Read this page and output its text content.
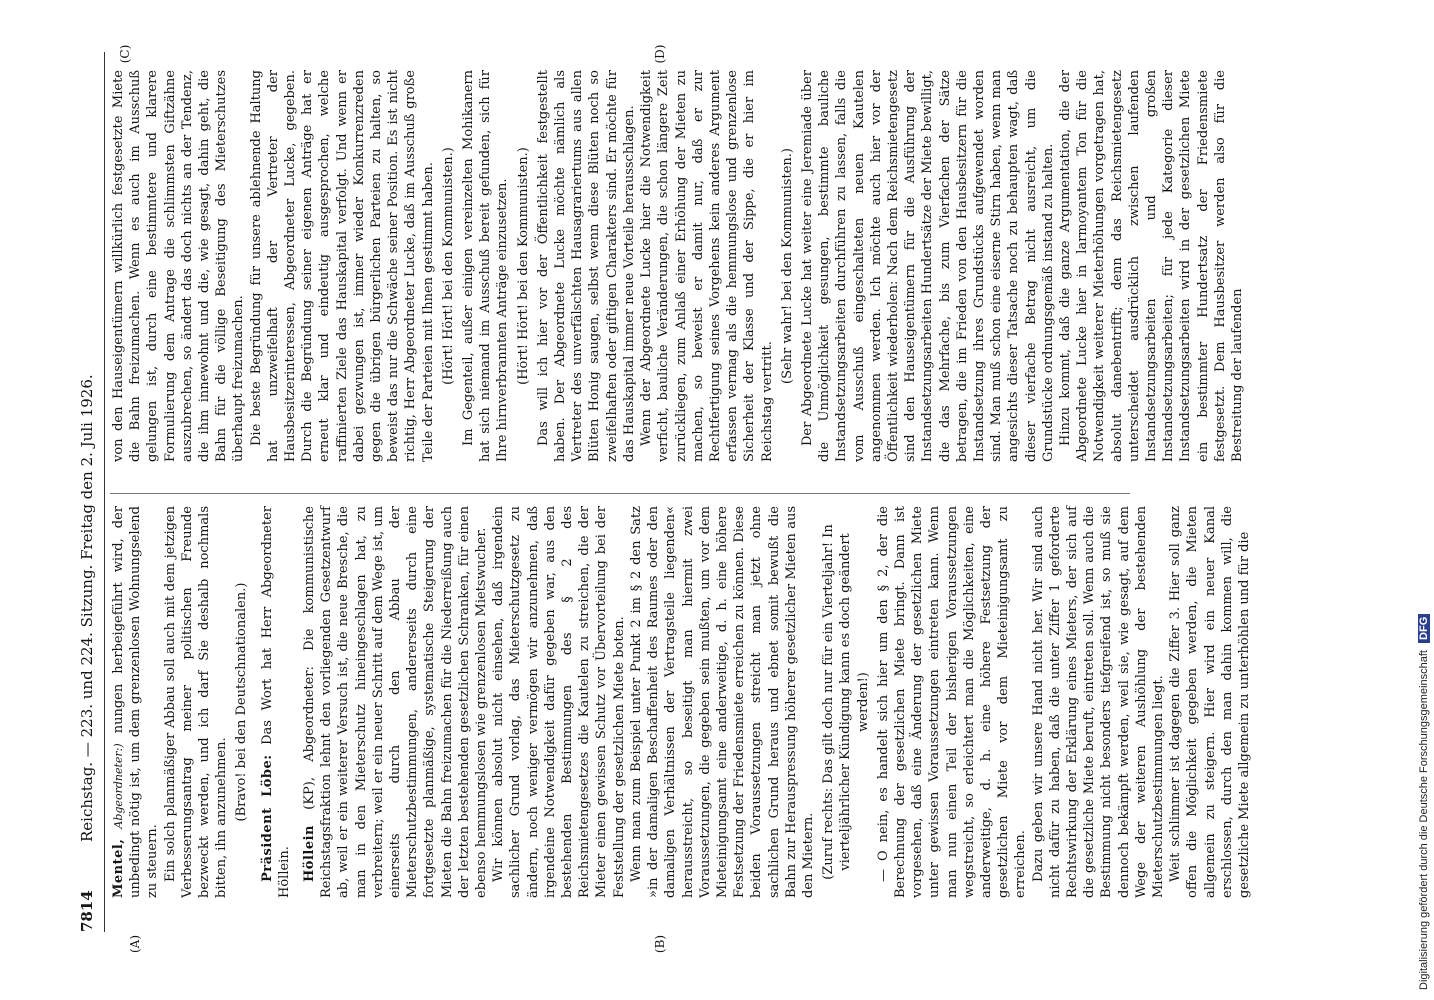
7814
Reichstag. — 223. und 224. Sitzung. Freitag den 2. Juli 1926.
(A)	(B)
(C)	(D)

Mentel, Abgeordneter:) nungen herbeigeführt wird, der unbedingt nötig ist, um dem grenzenlosen Wohnungselend zu steuern. Ein solch planmäßiger Abbau soll auch mit dem jetzigen Verbesserungsantrag meiner politischen Freunde bezweckt werden, und ich darf Sie deshalb nochmals bitten, ihn anzunehmen. (Bravo! bei den Deutschnationalen.) Präsident Löbe: Das Wort hat Herr Abgeordneter Höllein. Höllein (KP), Abgeordneter: Die kommunistische Reichstagsfraktion lehnt den vorliegenden Gesetzentwurf ab, weil er ein weiterer Versuch ist, die neue Bresche, die man in den Mieterschutz hineingeschlagen hat, zu verbreitern; weil er ein neuer Schritt auf dem Wege ist, um einerseits durch den Abbau der Mieterschutzbestimmungen, andererseits durch eine fortgesetzte planmäßige, systematische Steigerung der Mieten die Bahn freizumachen für die Niederreißung auch der letzten bestehenden gesetzlichen Schranken, für einen ebenso hemmungslosen wie grenzenlosen Mietswucher. Wir können absolut nicht einsehen, daß irgendein sachlicher Grund vorlag, das Mieterschutzgesetz zu ändern, noch weniger vermögen wir anzunehmen, daß irgendeine Notwendigkeit dafür gegeben war, aus den bestehenden Bestimmungen des § 2 des Reichsmietengesetzes die Kautelen zu streichen, die der Mieter einen gewissen Schutz vor Übervorteilung bei der Feststellung der gesetzlichen Miete boten. Wenn man zum Beispiel unter Punkt 2 im § 2 den Satz »in der damaligen Beschaffenheit des Raumes oder den damaligen Verhältnissen der Vertragsteile liegenden« herausstreicht, so beseitigt man hiermit zwei Voraussetzungen, die gegeben sein mußten, um vor dem Mieteinigungsamt eine anderweitige, d. h. eine höhere Festsetzung der Friedensmiete erreichen zu können. Diese beiden Voraussetzungen streicht man jetzt ohne sachlichen Grund heraus und ebnet somit bewußt die Bahn zur Herauspressung höherer gesetzlicher Mieten aus den Mietern. (Zuruf rechts: Das gilt doch nur für ein Vierteljahr! In vierteljährlicher Kündigung kann es doch geändert werden!) — O nein, es handelt sich hier um den § 2, der die Berechnung der gesetzlichen Miete bringt. Dann ist vorgesehen, daß eine Änderung der gesetzlichen Miete unter gewissen Voraussetzungen eintreten kann. Wenn man nun einen Teil der bisherigen Voraussetzungen wegstreicht, so erleichtert man die Möglichkeiten, eine anderweitige, d. h. eine höhere Festsetzung der gesetzlichen Miete vor dem Mieteinigungsamt zu erreichen. Dazu geben wir unsere Hand nicht her. Wir sind auch nicht dafür zu haben, daß die unter Ziffer 1 geforderte Rechtswirkung der Erklärung eines Mieters, der sich auf die gesetzliche Miete beruft, eintreten soll. Wenn auch die Bestimmung nicht besonders tiefgreifend ist, so muß sie dennoch bekämpft werden, weil sie, wie gesagt, auf dem Wege der weiteren Aushöhlung der bestehenden Mieterschutzbestimmungen liegt. Weit schlimmer ist dagegen die Ziffer 3. Hier soll ganz offen die Möglichkeit gegeben werden, die Mieten allgemein zu steigern. Hier wird ein neuer Kanal erschlossen, durch den man dahin kommen will, die gesetzliche Miete allgemein zu unterhöhlen und für die

von den Hauseigentümern willkürlich festgesetzte Miete die Bahn freizumachen. Wenn es auch im Ausschuß gelungen ist, durch eine bestimmtere und klarere Formulierung dem Antrage die schlimmsten Giftzähne auszubrechen, so ändert das doch nichts an der Tendenz, die ihm innewohnt und die, wie gesagt, dahin geht, die Bahn für die völlige Beseitigung des Mieterschutzes überhaupt freizumachen. Die beste Begründung für unsere ablehnende Haltung hat unzweifelhaft der Vertreter der Hausbesitzerinteressen, Abgeordneter Lucke, gegeben. Durch die Begründung seiner eigenen Anträge hat er erneut klar und eindeutig ausgesprochen, welche raffinierten Ziele das Hauskapital verfolgt. Und wenn er dabei gezwungen ist, immer wieder Konkurrenzreden gegen die übrigen bürgerlichen Parteien zu halten, so beweist das nur die Schwäche seiner Position. Es ist nicht richtig, Herr Abgeordneter Lucke, daß im Ausschuß große Teile der Parteien mit Ihnen gestimmt haben. (Hört! Hört! bei den Kommunisten.) Im Gegenteil, außer einigen vereinzelten Mohikanern hat sich niemand im Ausschuß bereit gefunden, sich für Ihre hirnverbrannten Anträge einzusetzen. (Hört! Hört! bei den Kommunisten.) Das will ich hier vor der Öffentlichkeit festgestellt haben. Der Abgeordnete Lucke möchte nämlich als Vertreter des unverfälschten Hausagrariertums aus allen Blüten Honig saugen, selbst wenn diese Blüten noch so zweifelhaften oder giftigen Charakters sind. Er möchte für das Hauskapital immer neue Vorteile herausschlagen. Wenn der Abgeordnete Lucke hier die Notwendigkeit verficht, bauliche Veränderungen, die schon längere Zeit zurückliegen, zum Anlaß einer Erhöhung der Mieten zu machen, so beweist er damit nur, daß er zur Rechtfertigung seines Vorgehens kein anderes Argument erfassen vermag als die hemmungslose und grenzenlose Sicherheit der Klasse und der Sippe, die er hier im Reichstag vertritt.

(Sehr wahr! bei den Kommunisten.) Der Abgeordnete Lucke hat weiter eine Jeremiade über die Unmöglichkeit gesungen, bestimmte bauliche Instandsetzungsarbeiten durchführen zu lassen, falls die vom Ausschuß eingeschalteten neuen Kautelen angenommen werden. Ich möchte auch hier vor der Öffentlichkeit wiederholen: Nach dem Reichsmietengesetz sind den Hauseigentümern für die Ausführung der Instandsetzungsarbeiten Hundertsätze der Miete bewilligt, die das Mehrfache, bis zum Vierfachen der Sätze betragen, die im Frieden von den Hausbesitzern für die Instandsetzung ihres Grundstücks aufgewendet worden sind. Man muß schon eine eiserne Stirn haben, wenn man angesichts dieser Tatsache noch zu behaupten wagt, daß dieser vierfache Betrag nicht ausreicht, um die Grundstücke ordnungsgemäß instand zu halten. Hinzu kommt, daß die ganze Argumentation, die der Abgeordnete Lucke hier in larmoyantem Ton für die Notwendigkeit weiterer Mieterhöhungen vorgetragen hat, absolut danebentrifft; denn das Reichsmietengesetz unterscheidet ausdrücklich zwischen laufenden Instandsetzungsarbeiten und großen Instandsetzungsarbeiten; für jede Kategorie dieser Instandsetzungsarbeiten wird in der gesetzlichen Miete ein bestimmter Hundertsatz der Friedensmiete festgesetzt. Dem Hausbesitzer werden also für die Bestreitung der laufenden

Digitalisierung gefördert durch die Deutsche Forschungsgemeinschaft DFG
